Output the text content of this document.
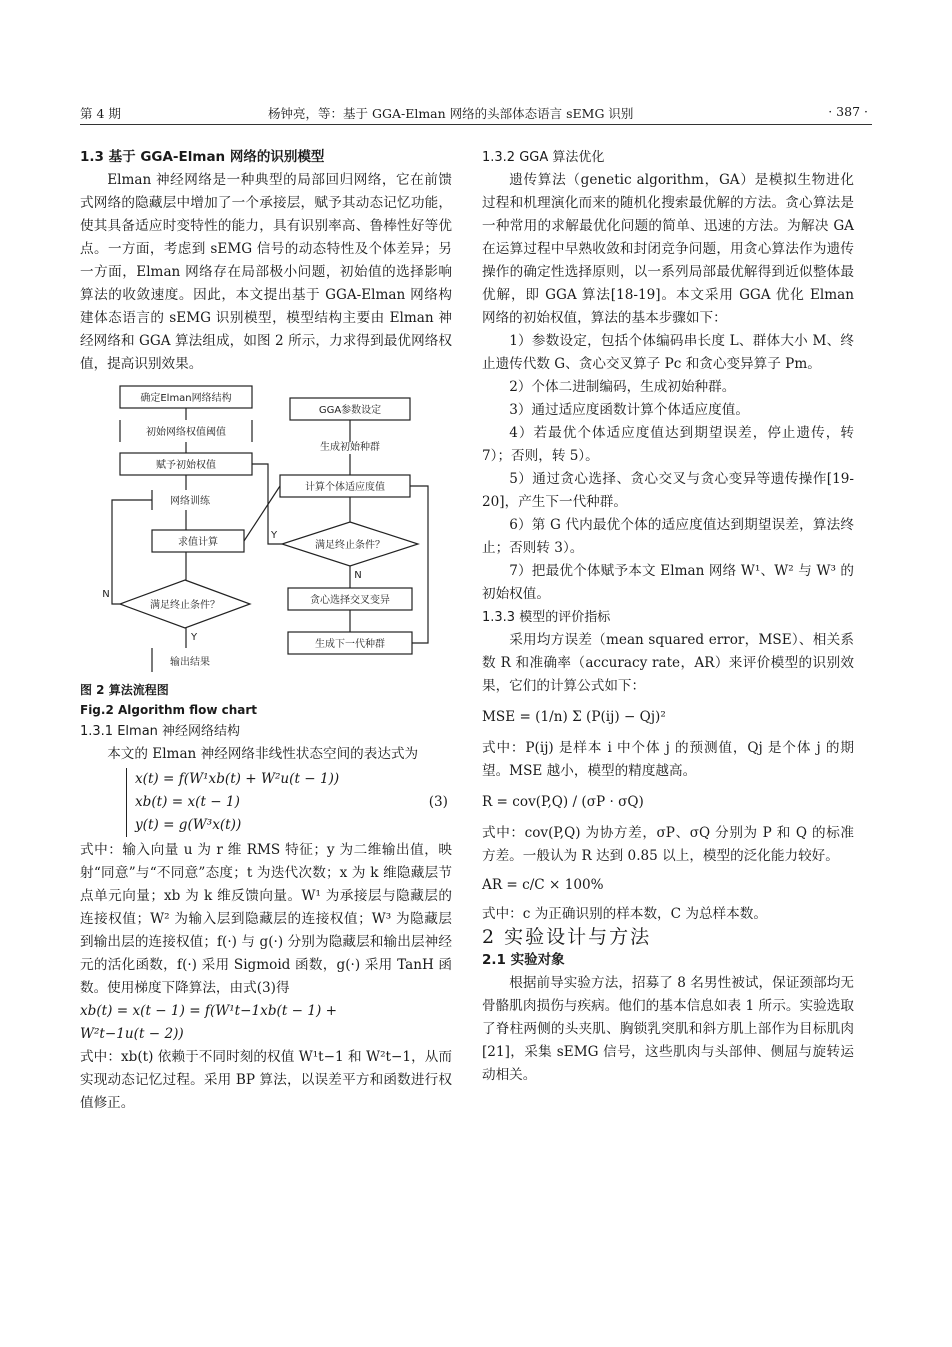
第 4 期	杨钟亮，等：基于 GGA-Elman 网络的头部体态语言 sEMG 识别	· 387 ·

1.3 基于 GGA-Elman 网络的识别模型

Elman 神经网络是一种典型的局部回归网络，它在前馈式网络的隐藏层中增加了一个承接层，赋予其动态记忆功能，使其具备适应时变特性的能力，具有识别率高、鲁棒性好等优点。一方面，考虑到 sEMG 信号的动态特性及个体差异；另一方面，Elman 网络存在局部极小问题，初始值的选择影响算法的收敛速度。因此，本文提出基于 GGA-Elman 网络构建体态语言的 sEMG 识别模型，模型结构主要由 Elman 神经网络和 GGA 算法组成，如图 2 所示，力求得到最优网络权值，提高识别效果。

确定Elman网络结构
初始网络权值阈值
赋予初始权值
网络训练
求值计算
满足终止条件？
输出结果
GGA参数设定
生成初始种群
计算个体适应度值
满足终止条件？
贪心选择交叉变异
生成下一代种群
N
Y
Y
N

图 2 算法流程图

Fig.2 Algorithm flow chart

1.3.1 Elman 神经网络结构

本文的 Elman 神经网络非线性状态空间的表达式为

x(t) = f(W¹xb(t) + W²u(t − 1))
xb(t) = x(t − 1)
y(t) = g(W³x(t))
(3)

式中：输入向量 u 为 r 维 RMS 特征；y 为二维输出值，映射“同意”与“不同意”态度；t 为迭代次数；x 为 k 维隐藏层节点单元向量；xb 为 k 维反馈向量。W¹ 为承接层与隐藏层的连接权值；W² 为输入层到隐藏层的连接权值；W³ 为隐藏层到输出层的连接权值；f(·) 与 g(·) 分别为隐藏层和输出层神经元的活化函数，f(·) 采用 Sigmoid 函数，g(·) 采用 TanH 函数。使用梯度下降算法，由式(3)得

xb(t) = x(t − 1) = f(W¹t−1xb(t − 1) +

W²t−1u(t − 2))

式中：xb(t) 依赖于不同时刻的权值 W¹t−1 和 W²t−1，从而实现动态记忆过程。采用 BP 算法，以误差平方和函数进行权值修正。

1.3.2 GGA 算法优化

遗传算法（genetic algorithm，GA）是模拟生物进化过程和机理演化而来的随机化搜索最优解的方法。贪心算法是一种常用的求解最优化问题的简单、迅速的方法。为解决 GA 在运算过程中早熟收敛和封闭竞争问题，用贪心算法作为遗传操作的确定性选择原则，以一系列局部最优解得到近似整体最优解，即 GGA 算法[18-19]。本文采用 GGA 优化 Elman 网络的初始权值，算法的基本步骤如下：

1）参数设定，包括个体编码串长度 L、群体大小 M、终止遗传代数 G、贪心交叉算子 Pc 和贪心变异算子 Pm。

2）个体二进制编码，生成初始种群。

3）通过适应度函数计算个体适应度值。

4）若最优个体适应度值达到期望误差，停止遗传，转 7）；否则，转 5）。

5）通过贪心选择、贪心交叉与贪心变异等遗传操作[19-20]，产生下一代种群。

6）第 G 代内最优个体的适应度值达到期望误差，算法终止；否则转 3）。

7）把最优个体赋予本文 Elman 网络 W¹、W² 与 W³ 的初始权值。

1.3.3 模型的评价指标

采用均方误差（mean squared error，MSE）、相关系数 R 和准确率（accuracy rate，AR）来评价模型的识别效果，它们的计算公式如下：

MSE = (1/n) Σ (P(ij) − Qj)²

式中：P(ij) 是样本 i 中个体 j 的预测值，Qj 是个体 j 的期望。MSE 越小，模型的精度越高。

R = cov(P,Q) / (σP · σQ)

式中：cov(P,Q) 为协方差，σP、σQ 分别为 P 和 Q 的标准方差。一般认为 R 达到 0.85 以上，模型的泛化能力较好。

AR = c/C × 100%

式中：c 为正确识别的样本数，C 为总样本数。

2 实验设计与方法

2.1 实验对象

根据前导实验方法，招募了 8 名男性被试，保证颈部均无骨骼肌肉损伤与疾病。他们的基本信息如表 1 所示。实验选取了脊柱两侧的头夹肌、胸锁乳突肌和斜方肌上部作为目标肌肉[21]，采集 sEMG 信号，这些肌肉与头部伸、侧屈与旋转运动相关。
